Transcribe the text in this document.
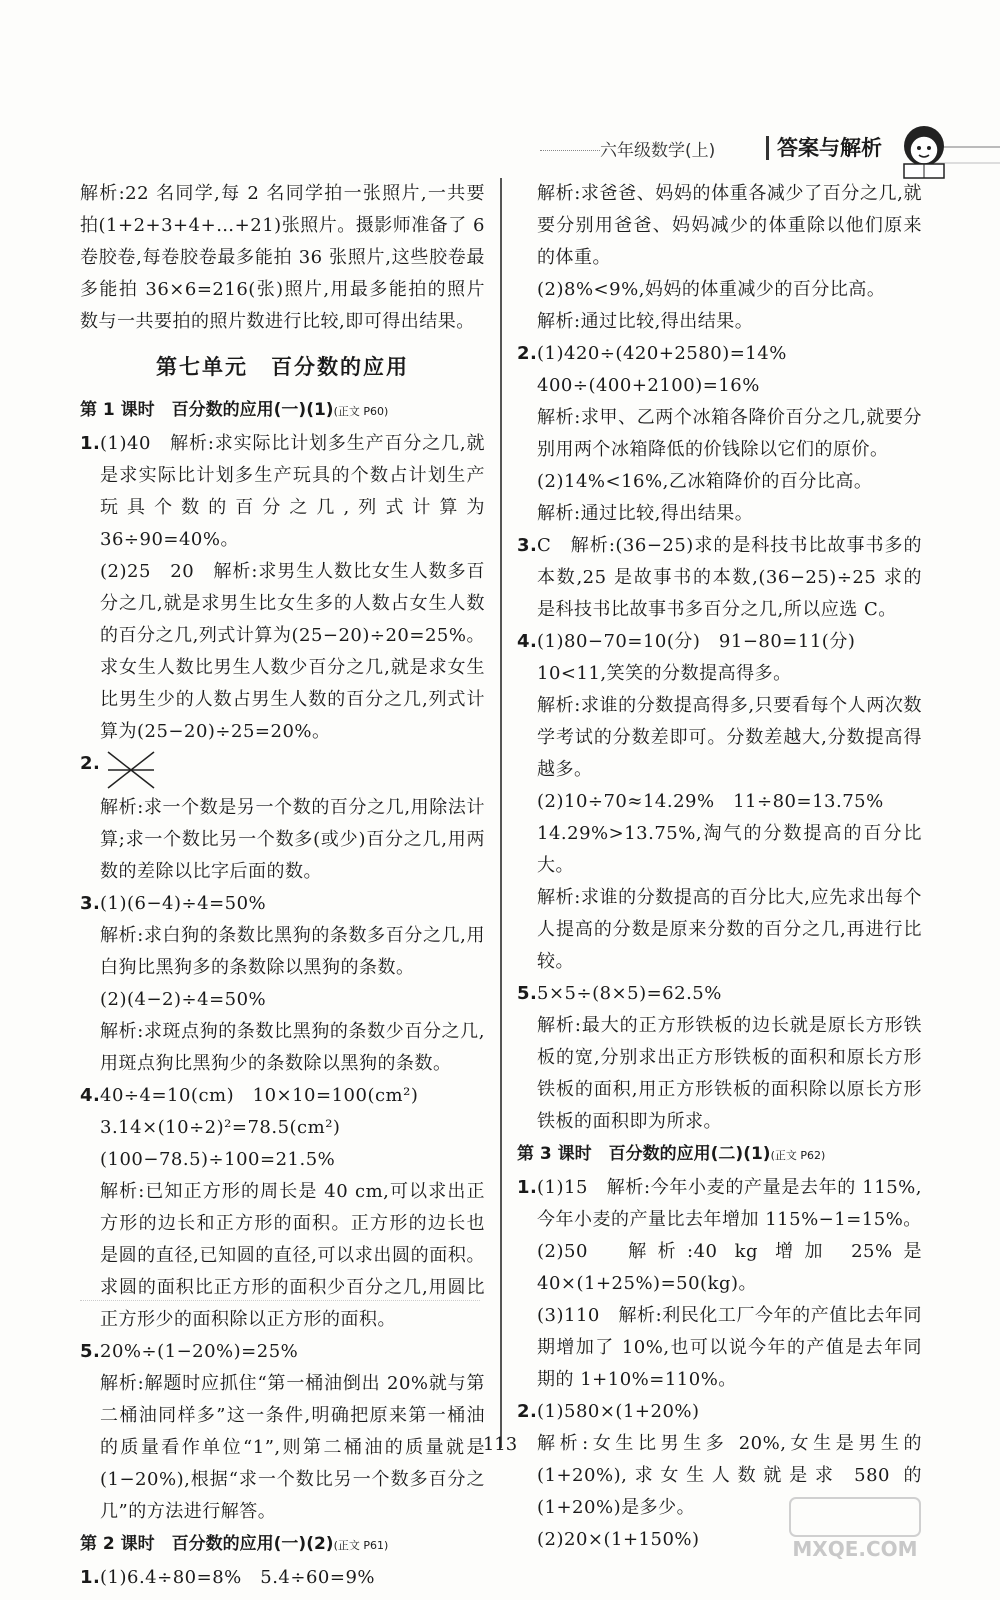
六年级数学(上)	答案与解析

解析:22 名同学,每 2 名同学拍一张照片,一共要拍(1+2+3+4+…+21)张照片。摄影师准备了 6 卷胶卷,每卷胶卷最多能拍 36 张照片,这些胶卷最多能拍 36×6=216(张)照片,用最多能拍的照片数与一共要拍的照片数进行比较,即可得出结果。

第七单元　百分数的应用
第 1 课时　百分数的应用(一)(1)(正文 P60)

1.(1)40　解析:求实际比计划多生产百分之几,就是求实际比计划多生产玩具的个数占计划生产玩具个数的百分之几,列式计算为 36÷90=40%。

(2)25　20　解析:求男生人数比女生人数多百分之几,就是求男生比女生多的人数占女生人数的百分之几,列式计算为(25−20)÷20=25%。求女生人数比男生人数少百分之几,就是求女生比男生少的人数占男生人数的百分之几,列式计算为(25−20)÷25=20%。

2.

解析:求一个数是另一个数的百分之几,用除法计算;求一个数比另一个数多(或少)百分之几,用两数的差除以比字后面的数。

3.(1)(6−4)÷4=50%

解析:求白狗的条数比黑狗的条数多百分之几,用白狗比黑狗多的条数除以黑狗的条数。

(2)(4−2)÷4=50%

解析:求斑点狗的条数比黑狗的条数少百分之几,用斑点狗比黑狗少的条数除以黑狗的条数。

4.40÷4=10(cm)　10×10=100(cm²)

3.14×(10÷2)²=78.5(cm²)

(100−78.5)÷100=21.5%

解析:已知正方形的周长是 40 cm,可以求出正方形的边长和正方形的面积。正方形的边长也是圆的直径,已知圆的直径,可以求出圆的面积。求圆的面积比正方形的面积少百分之几,用圆比正方形少的面积除以正方形的面积。

5.20%÷(1−20%)=25%

解析:解题时应抓住“第一桶油倒出 20%就与第二桶油同样多”这一条件,明确把原来第一桶油的质量看作单位“1”,则第二桶油的质量就是(1−20%),根据“求一个数比另一个数多百分之几”的方法进行解答。

第 2 课时　百分数的应用(一)(2)(正文 P61)

1.(1)6.4÷80=8%　5.4÷60=9%

解析:求爸爸、妈妈的体重各减少了百分之几,就要分别用爸爸、妈妈减少的体重除以他们原来的体重。

(2)8%<9%,妈妈的体重减少的百分比高。

解析:通过比较,得出结果。

2.(1)420÷(420+2580)=14%

400÷(400+2100)=16%

解析:求甲、乙两个冰箱各降价百分之几,就要分别用两个冰箱降低的价钱除以它们的原价。

(2)14%<16%,乙冰箱降价的百分比高。

解析:通过比较,得出结果。

3.C　解析:(36−25)求的是科技书比故事书多的本数,25 是故事书的本数,(36−25)÷25 求的是科技书比故事书多百分之几,所以应选 C。

4.(1)80−70=10(分)　91−80=11(分)

10<11,笑笑的分数提高得多。

解析:求谁的分数提高得多,只要看每个人两次数学考试的分数差即可。分数差越大,分数提高得越多。

(2)10÷70≈14.29%　11÷80=13.75%

14.29%>13.75%,淘气的分数提高的百分比大。

解析:求谁的分数提高的百分比大,应先求出每个人提高的分数是原来分数的百分之几,再进行比较。

5.5×5÷(8×5)=62.5%

解析:最大的正方形铁板的边长就是原长方形铁板的宽,分别求出正方形铁板的面积和原长方形铁板的面积,用正方形铁板的面积除以原长方形铁板的面积即为所求。

第 3 课时　百分数的应用(二)(1)(正文 P62)

1.(1)15　解析:今年小麦的产量是去年的 115%,今年小麦的产量比去年增加 115%−1=15%。

(2)50　解析:40 kg 增加 25%是 40×(1+25%)=50(kg)。

(3)110　解析:利民化工厂今年的产值比去年同期增加了 10%,也可以说今年的产值是去年同期的 1+10%=110%。

2.(1)580×(1+20%)

解析:女生比男生多 20%,女生是男生的(1+20%),求女生人数就是求 580 的(1+20%)是多少。

(2)20×(1+150%)

113
MXQE.COM
